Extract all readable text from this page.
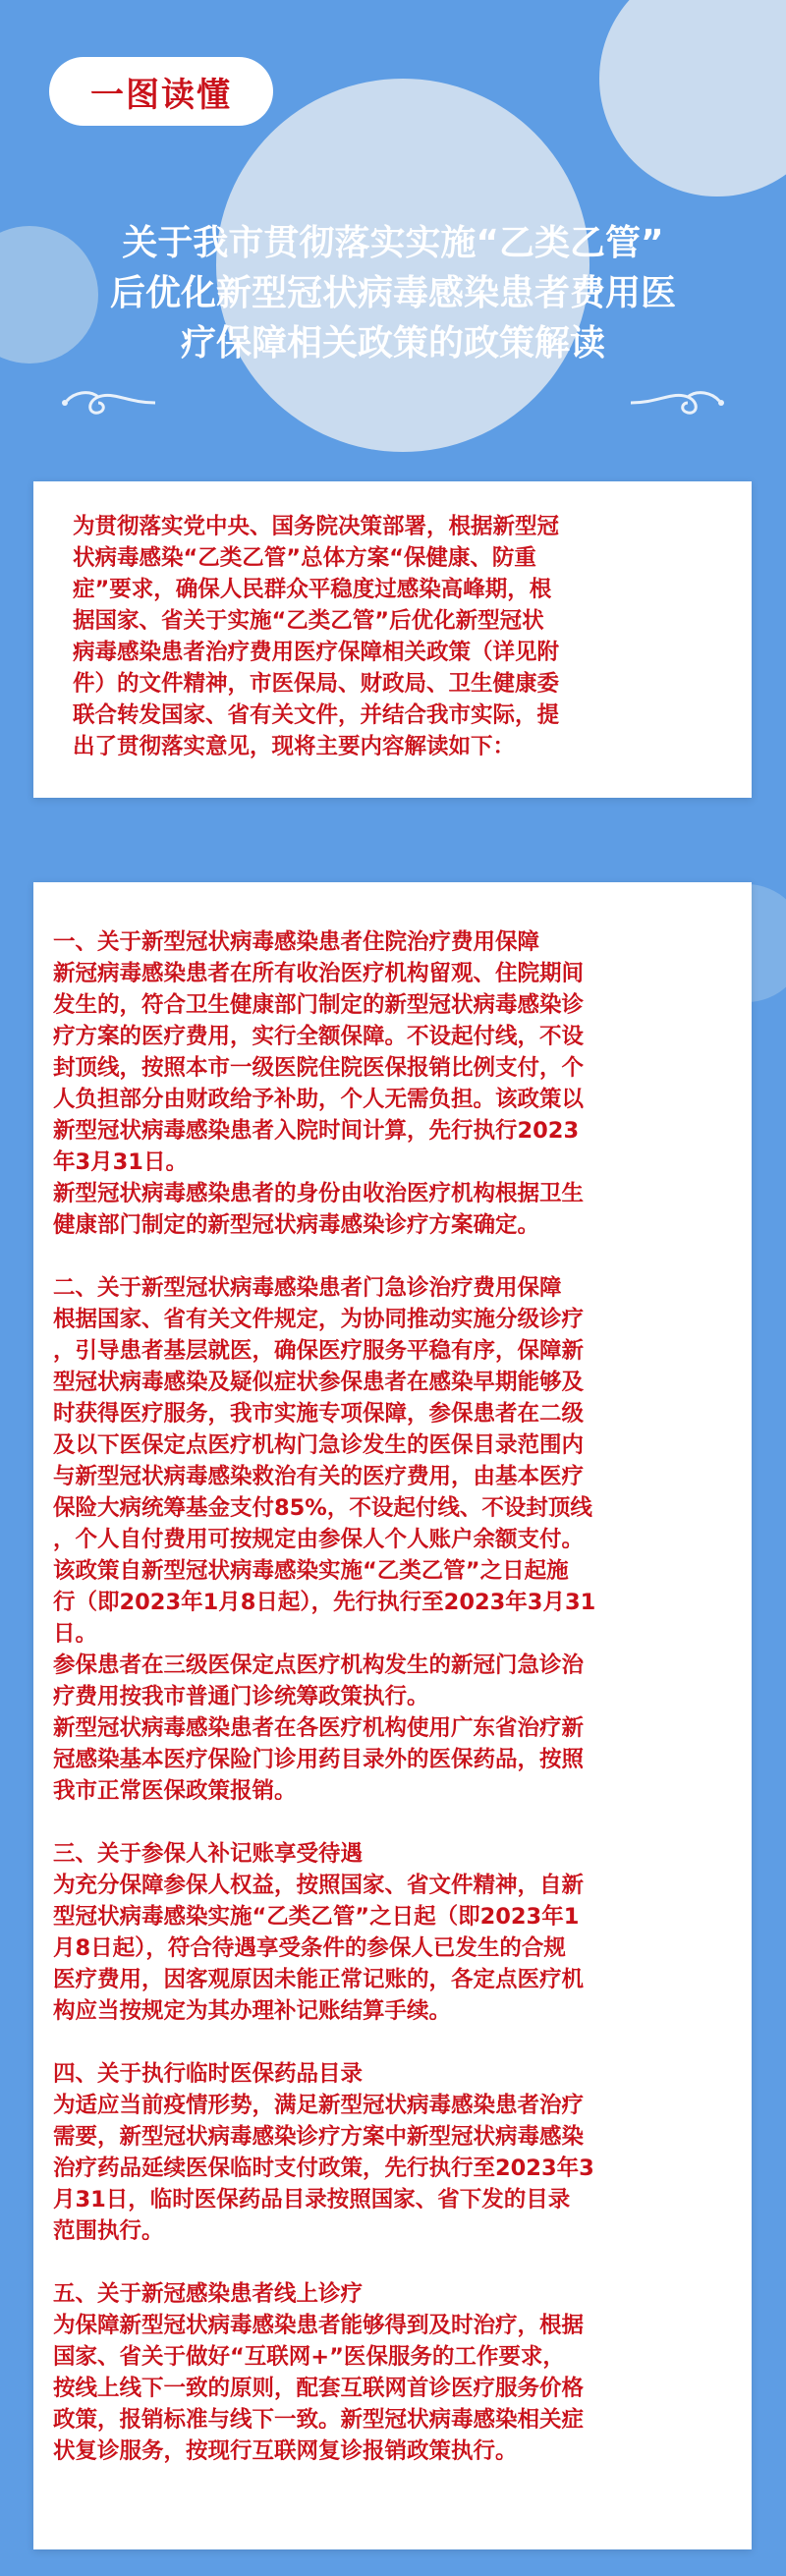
一图读懂
关于我市贯彻落实实施“乙类乙管”
后优化新型冠状病毒感染患者费用医
疗保障相关政策的政策解读
为贯彻落实党中央、国务院决策部署，根据新型冠
状病毒感染“乙类乙管”总体方案“保健康、防重
症”要求，确保人民群众平稳度过感染高峰期，根
据国家、省关于实施“乙类乙管”后优化新型冠状
病毒感染患者治疗费用医疗保障相关政策（详见附
件）的文件精神，市医保局、财政局、卫生健康委
联合转发国家、省有关文件，并结合我市实际，提
出了贯彻落实意见，现将主要内容解读如下：
一、关于新型冠状病毒感染患者住院治疗费用保障
新冠病毒感染患者在所有收治医疗机构留观、住院期间
发生的，符合卫生健康部门制定的新型冠状病毒感染诊
疗方案的医疗费用，实行全额保障。不设起付线，不设
封顶线，按照本市一级医院住院医保报销比例支付，个
人负担部分由财政给予补助，个人无需负担。该政策以
新型冠状病毒感染患者入院时间计算，先行执行2023
年3月31日。
新型冠状病毒感染患者的身份由收治医疗机构根据卫生
健康部门制定的新型冠状病毒感染诊疗方案确定。

二、关于新型冠状病毒感染患者门急诊治疗费用保障
根据国家、省有关文件规定，为协同推动实施分级诊疗
，引导患者基层就医，确保医疗服务平稳有序，保障新
型冠状病毒感染及疑似症状参保患者在感染早期能够及
时获得医疗服务，我市实施专项保障，参保患者在二级
及以下医保定点医疗机构门急诊发生的医保目录范围内
与新型冠状病毒感染救治有关的医疗费用，由基本医疗
保险大病统筹基金支付85%，不设起付线、不设封顶线
，个人自付费用可按规定由参保人个人账户余额支付。
该政策自新型冠状病毒感染实施“乙类乙管”之日起施
行（即2023年1月8日起），先行执行至2023年3月31
日。
参保患者在三级医保定点医疗机构发生的新冠门急诊治
疗费用按我市普通门诊统筹政策执行。
新型冠状病毒感染患者在各医疗机构使用广东省治疗新
冠感染基本医疗保险门诊用药目录外的医保药品，按照
我市正常医保政策报销。

三、关于参保人补记账享受待遇
为充分保障参保人权益，按照国家、省文件精神，自新
型冠状病毒感染实施“乙类乙管”之日起（即2023年1
月8日起），符合待遇享受条件的参保人已发生的合规
医疗费用，因客观原因未能正常记账的，各定点医疗机
构应当按规定为其办理补记账结算手续。

四、关于执行临时医保药品目录
为适应当前疫情形势，满足新型冠状病毒感染患者治疗
需要，新型冠状病毒感染诊疗方案中新型冠状病毒感染
治疗药品延续医保临时支付政策，先行执行至2023年3
月31日，临时医保药品目录按照国家、省下发的目录
范围执行。

五、关于新冠感染患者线上诊疗
为保障新型冠状病毒感染患者能够得到及时治疗，根据
国家、省关于做好“互联网+”医保服务的工作要求，
按线上线下一致的原则，配套互联网首诊医疗服务价格
政策，报销标准与线下一致。新型冠状病毒感染相关症
状复诊服务，按现行互联网复诊报销政策执行。
